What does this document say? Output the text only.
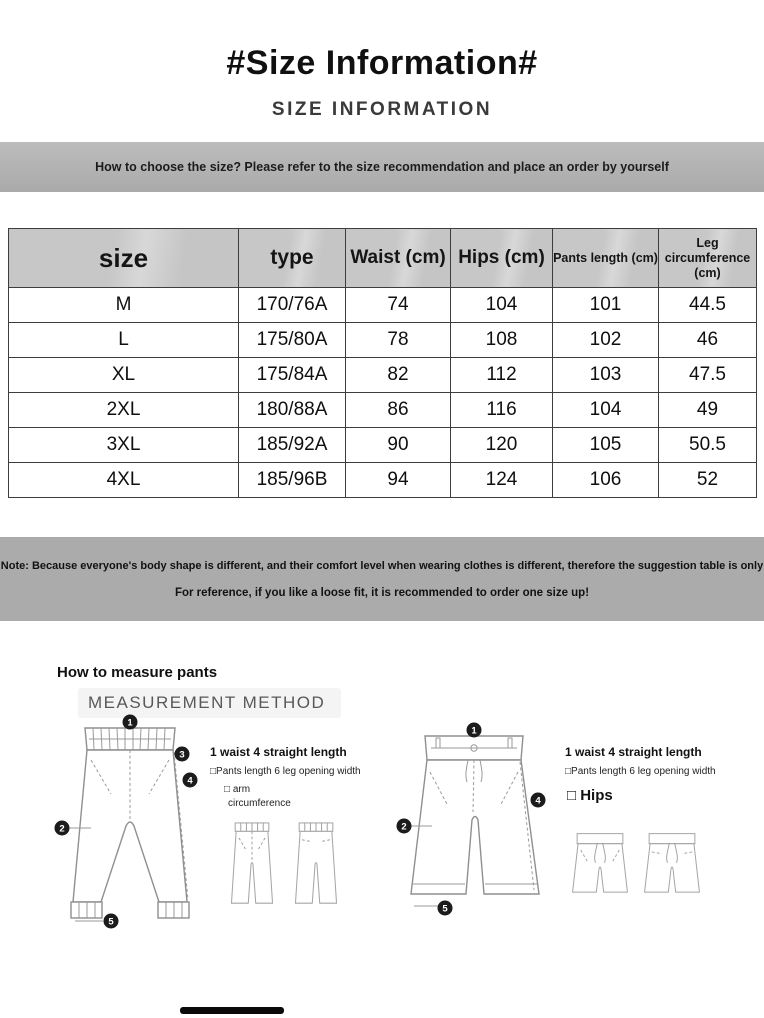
#Size Information#
SIZE INFORMATION
How to choose the size? Please refer to the size recommendation and place an order by yourself
size	type	Waist (cm)	Hips (cm)	Pants length (cm)	Leg circumference (cm)
M	170/76A	74	104	101	44.5
L	175/80A	78	108	102	46
XL	175/84A	82	112	103	47.5
2XL	180/88A	86	116	104	49
3XL	185/92A	90	120	105	50.5
4XL	185/96B	94	124	106	52
Note: Because everyone's body shape is different, and their comfort level when wearing clothes is different, therefore the suggestion table is only
For reference, if you like a loose fit, it is recommended to order one size up!
How to measure pants
MEASUREMENT METHOD
1
3
4
2
5
1 waist 4 straight length
□Pants length 6 leg opening width
□ arm
circumference
1
4
2
5
1 waist 4 straight length
□Pants length 6 leg opening width
□ Hips
